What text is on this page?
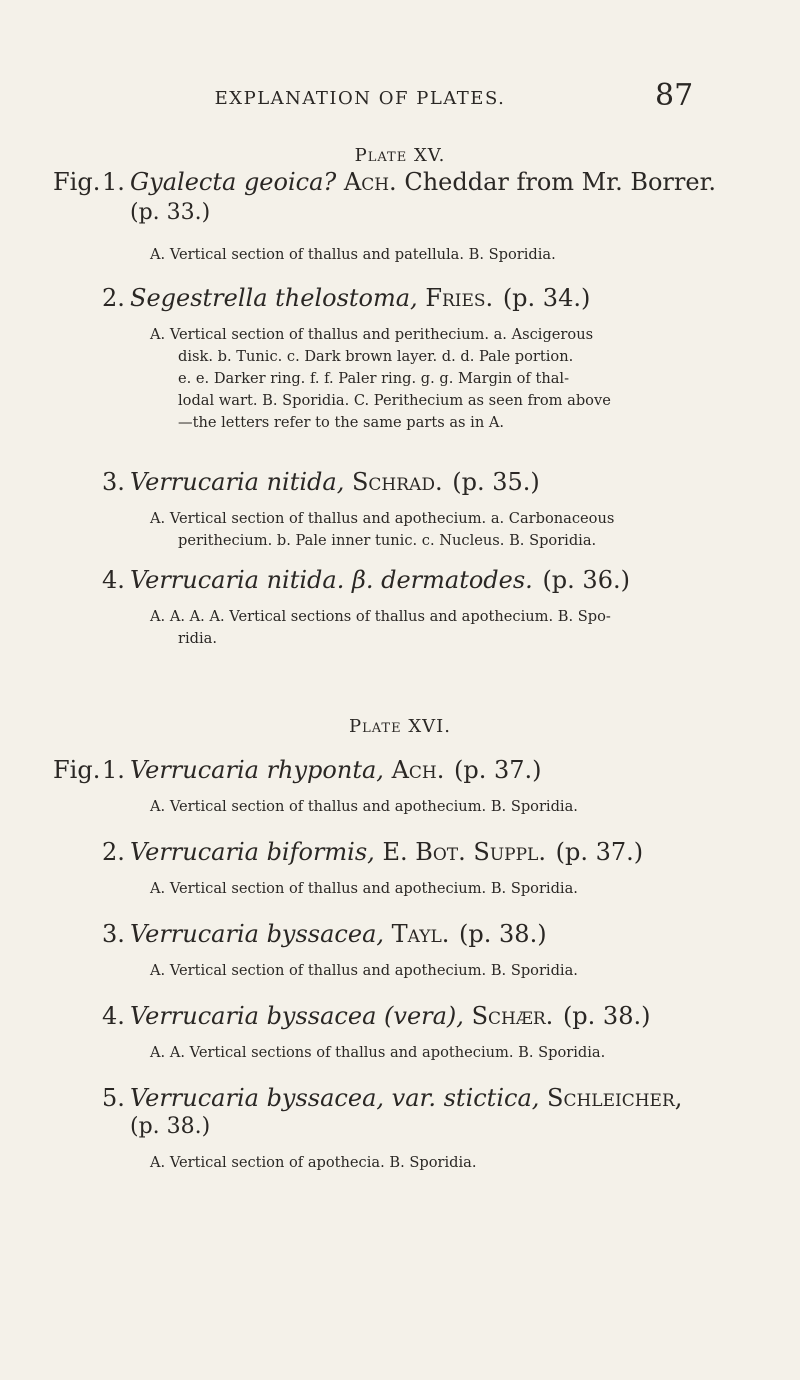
EXPLANATION OF PLATES.	87
Plate XV.
Fig. 1. Gyalecta geoica? Ach. Cheddar from Mr. Borrer.
(p. 33.)
A. Vertical section of thallus and patellula. B. Sporidia.
2. Segestrella thelostoma, Fries. (p. 34.)
A. Vertical section of thallus and perithecium. a. Ascigerous
disk. b. Tunic. c. Dark brown layer. d. d. Pale portion.
e. e. Darker ring. f. f. Paler ring. g. g. Margin of thal-
lodal wart. B. Sporidia. C. Perithecium as seen from above
—the letters refer to the same parts as in A.
3. Verrucaria nitida, Schrad. (p. 35.)
A. Vertical section of thallus and apothecium. a. Carbonaceous
perithecium. b. Pale inner tunic. c. Nucleus. B. Sporidia.
4. Verrucaria nitida. β. dermatodes. (p. 36.)
A. A. A. A. Vertical sections of thallus and apothecium. B. Spo-
ridia.
Plate XVI.
Fig. 1. Verrucaria rhyponta, Ach. (p. 37.)
A. Vertical section of thallus and apothecium. B. Sporidia.
2. Verrucaria biformis, E. Bot. Suppl. (p. 37.)
A. Vertical section of thallus and apothecium. B. Sporidia.
3. Verrucaria byssacea, Tayl. (p. 38.)
A. Vertical section of thallus and apothecium. B. Sporidia.
4. Verrucaria byssacea (vera), Schær. (p. 38.)
A. A. Vertical sections of thallus and apothecium. B. Sporidia.
5. Verrucaria byssacea, var. stictica, Schleicher,
(p. 38.)
A. Vertical section of apothecia. B. Sporidia.
